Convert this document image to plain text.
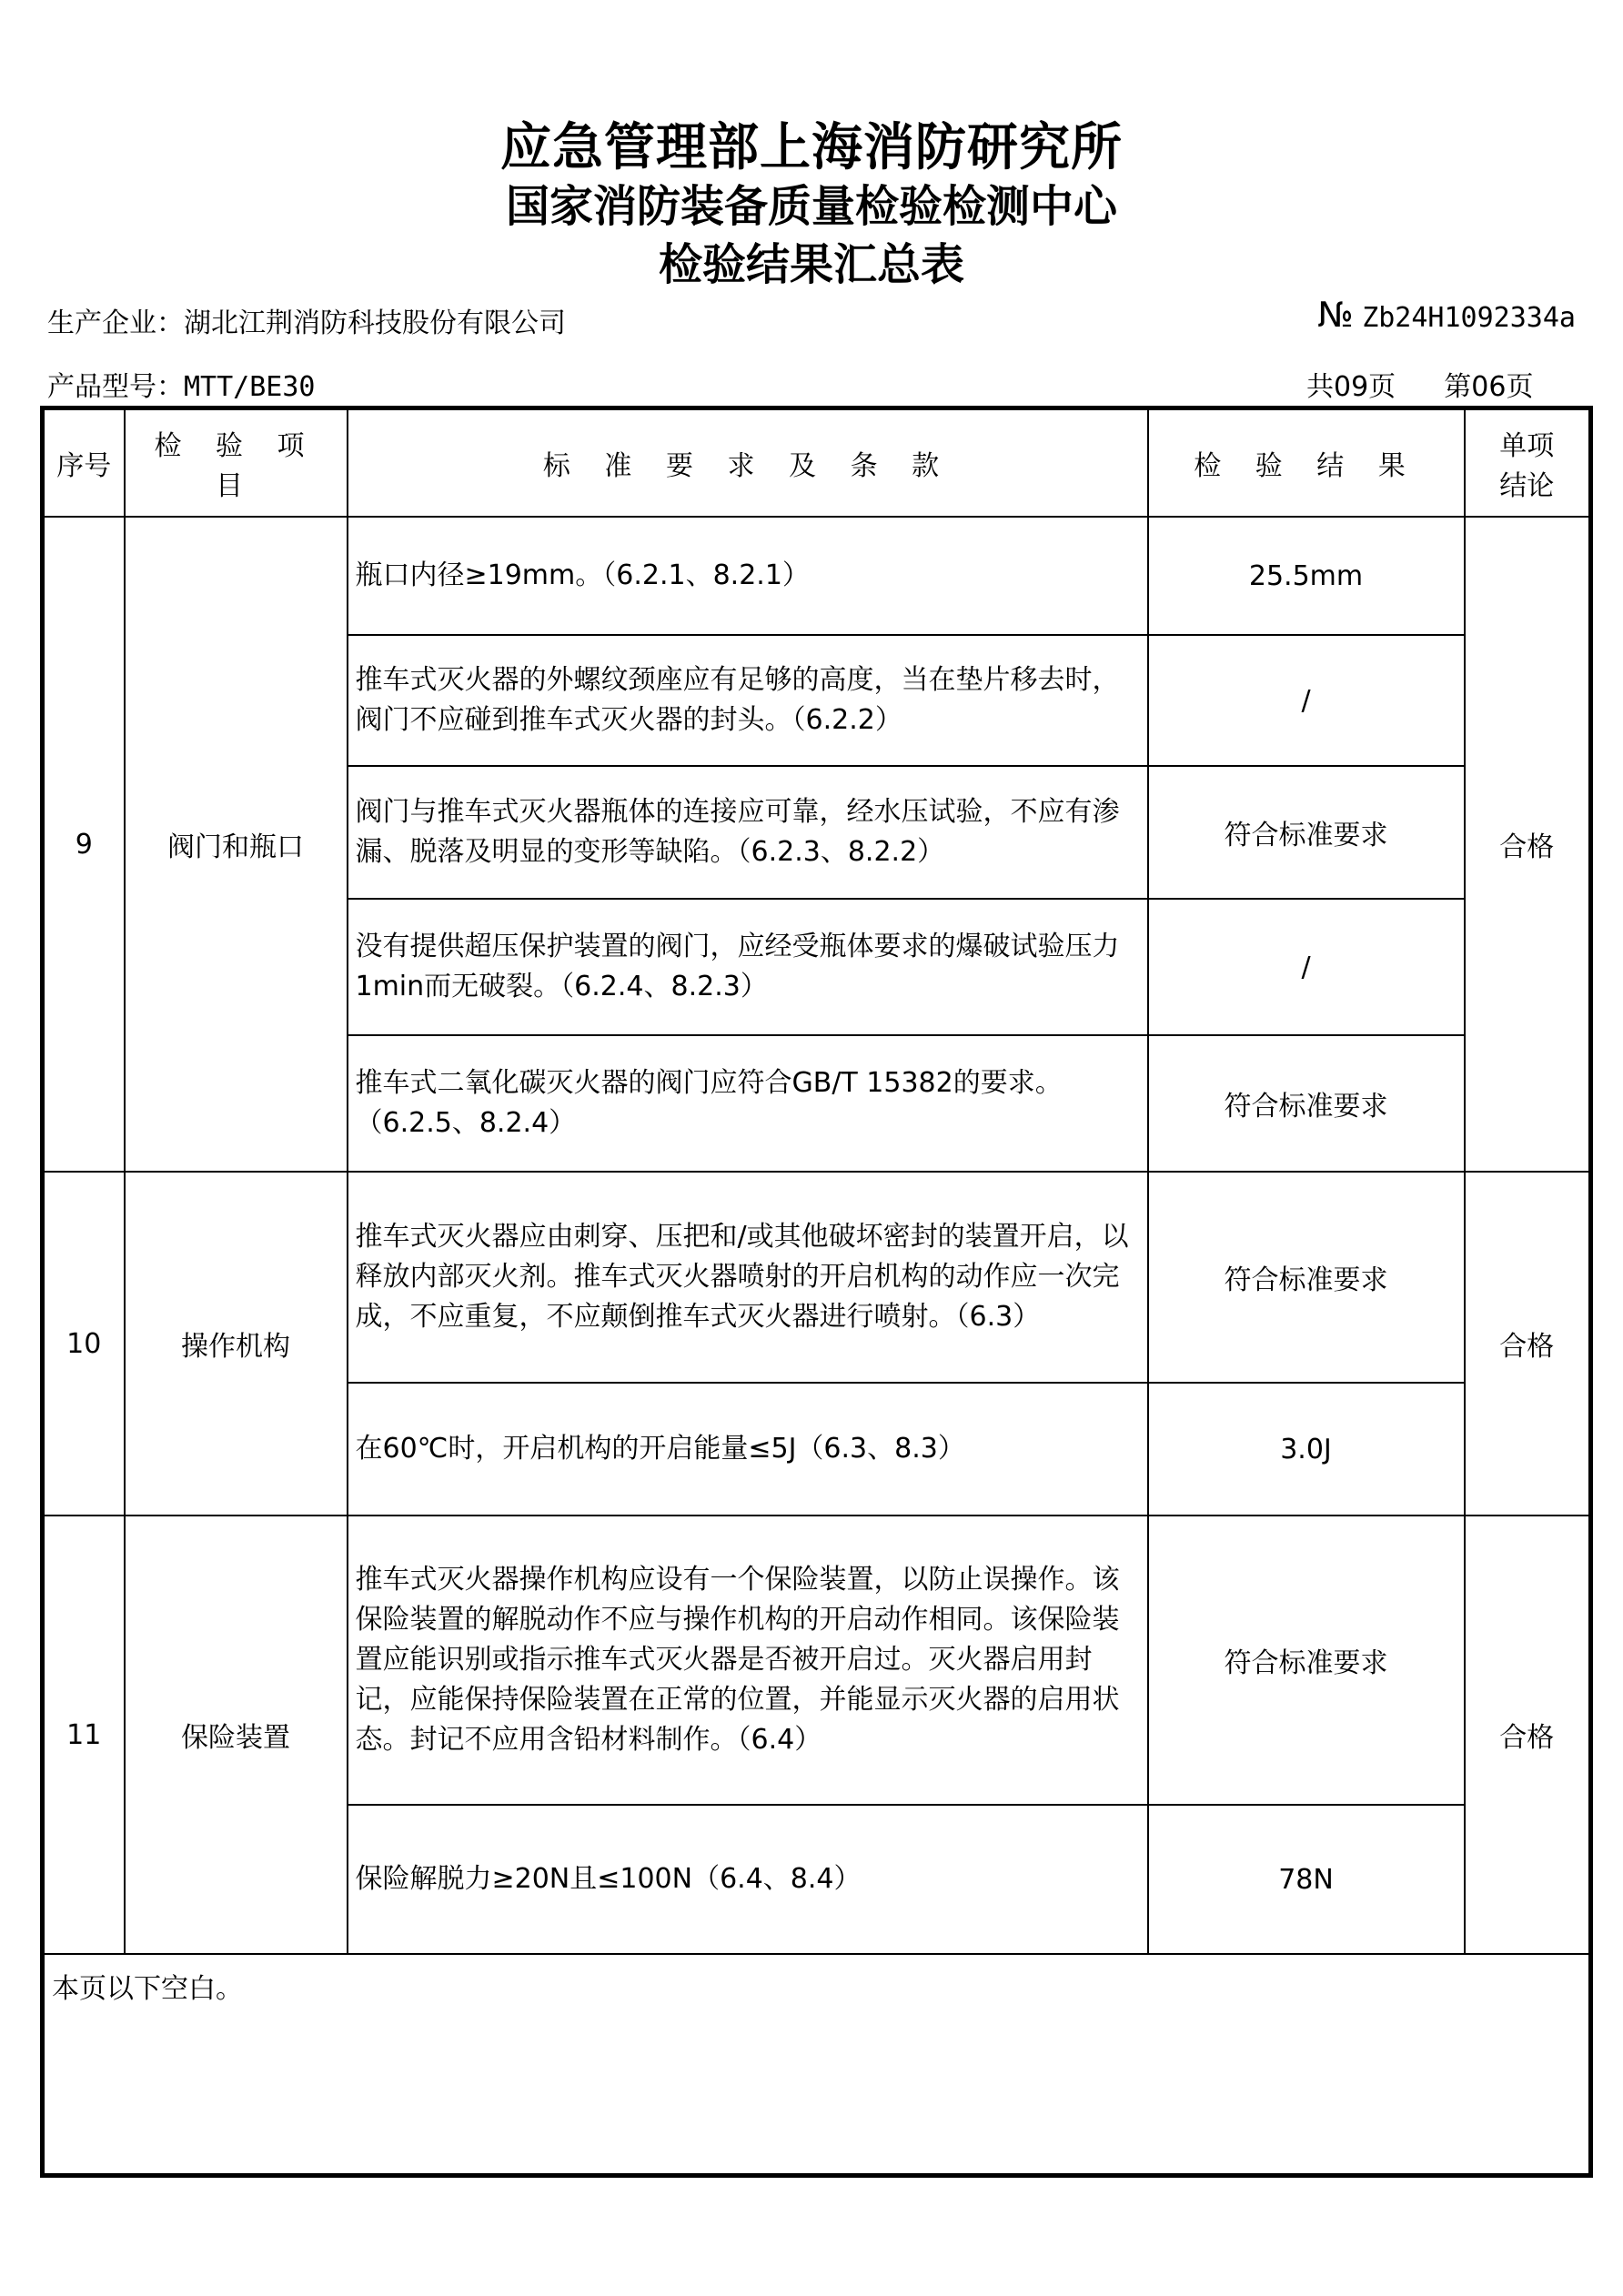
应急管理部上海消防研究所
国家消防装备质量检验检测中心
检验结果汇总表
生产企业：湖北江荆消防科技股份有限公司	№ Zb24H1092334a
产品型号：MTT/BE30	共09页 第06页
序号	检 验 项 目	标 准 要 求 及 条 款	检 验 结 果	单项
结论

9	阀门和瓶口	瓶口内径≥19mm。（6.2.1、8.2.1）	25.5mm	合格
		推车式灭火器的外螺纹颈座应有足够的高度，当在垫片移去时，阀门不应碰到推车式灭火器的封头。（6.2.2）	/	
		阀门与推车式灭火器瓶体的连接应可靠，经水压试验，不应有渗漏、脱落及明显的变形等缺陷。（6.2.3、8.2.2）	符合标准要求	
		没有提供超压保护装置的阀门，应经受瓶体要求的爆破试验压力1min而无破裂。（6.2.4、8.2.3）	/	
		推车式二氧化碳灭火器的阀门应符合GB/T 15382的要求。（6.2.5、8.2.4）	符合标准要求	
10	操作机构	推车式灭火器应由刺穿、压把和/或其他破坏密封的装置开启，以释放内部灭火剂。推车式灭火器喷射的开启机构的动作应一次完成，不应重复，不应颠倒推车式灭火器进行喷射。（6.3）	符合标准要求	合格
		在60℃时，开启机构的开启能量≤5J（6.3、8.3）	3.0J	
11	保险装置	推车式灭火器操作机构应设有一个保险装置，以防止误操作。该保险装置的解脱动作不应与操作机构的开启动作相同。该保险装置应能识别或指示推车式灭火器是否被开启过。灭火器启用封记，应能保持保险装置在正常的位置，并能显示灭火器的启用状态。封记不应用含铅材料制作。（6.4）	符合标准要求	合格
		保险解脱力≥20N且≤100N（6.4、8.4）	78N	
本页以下空白。				
